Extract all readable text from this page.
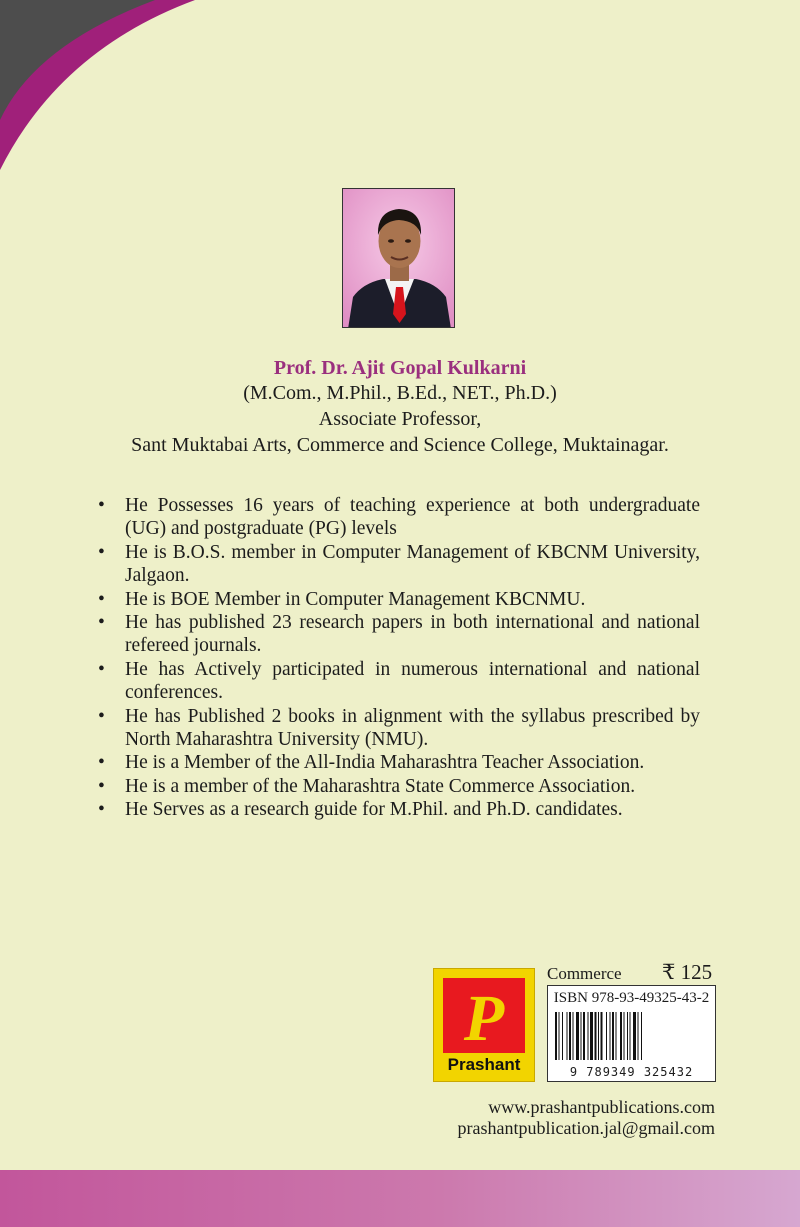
Prof. Dr. Ajit Gopal Kulkarni
(M.Com., M.Phil., B.Ed., NET., Ph.D.)
Associate Professor,
Sant Muktabai Arts, Commerce and Science College, Muktainagar.
• He Possesses 16 years of teaching experience at both undergraduate (UG) and postgraduate (PG) levels
• He is B.O.S. member in Computer Management of KBCNM University, Jalgaon.
• He is BOE Member in Computer Management KBCNMU.
• He has published 23 research papers in both international and national refereed journals.
• He has Actively participated in numerous international and national conferences.
• He has Published 2 books in alignment with the syllabus prescribed by North Maharashtra University (NMU).
• He is a Member of the All-India Maharashtra Teacher Association.
• He is a member of the Maharashtra State Commerce Association.
• He Serves as a research guide for M.Phil. and Ph.D. candidates.
P
Prashant
Commerce ₹ 125
ISBN 978-93-49325-43-2
9 789349 325432
www.prashantpublications.com
prashantpublication.jal@gmail.com
